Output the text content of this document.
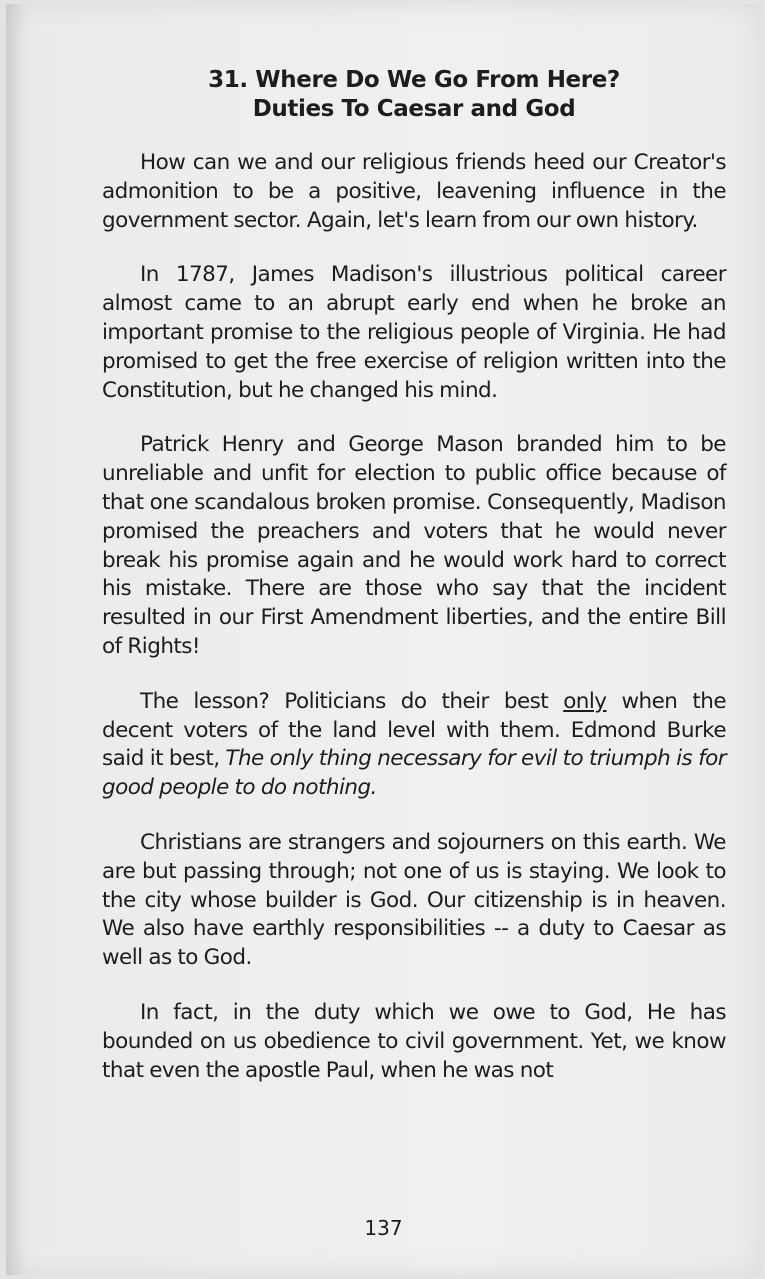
31. Where Do We Go From Here?
Duties To Caesar and God

How can we and our religious friends heed our Creator's admonition to be a positive, leavening influence in the government sector. Again, let's learn from our own history.

In 1787, James Madison's illustrious political career almost came to an abrupt early end when he broke an important promise to the religious people of Virginia. He had promised to get the free exercise of religion written into the Constitution, but he changed his mind.

Patrick Henry and George Mason branded him to be unreliable and unfit for election to public office because of that one scandalous broken promise. Consequently, Madison promised the preachers and voters that he would never break his promise again and he would work hard to correct his mistake. There are those who say that the incident resulted in our First Amendment liberties, and the entire Bill of Rights!

The lesson? Politicians do their best only when the decent voters of the land level with them. Edmond Burke said it best, The only thing necessary for evil to triumph is for good people to do nothing.

Christians are strangers and sojourners on this earth. We are but passing through; not one of us is staying. We look to the city whose builder is God. Our citizenship is in heaven. We also have earthly responsibilities -- a duty to Caesar as well as to God.

In fact, in the duty which we owe to God, He has bounded on us obedience to civil government. Yet, we know that even the apostle Paul, when he was not

137
